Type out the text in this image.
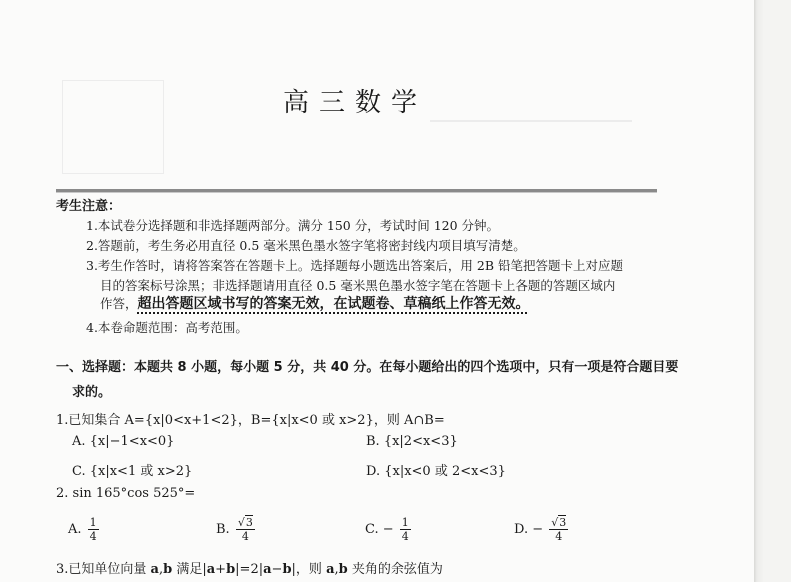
高三数学
考生注意：
1.本试卷分选择题和非选择题两部分。满分 150 分，考试时间 120 分钟。
2.答题前，考生务必用直径 0.5 毫米黑色墨水签字笔将密封线内项目填写清楚。
3.考生作答时，请将答案答在答题卡上。选择题每小题选出答案后，用 2B 铅笔把答题卡上对应题
目的答案标号涂黑；非选择题请用直径 0.5 毫米黑色墨水签字笔在答题卡上各题的答题区域内
作答，超出答题区域书写的答案无效，在试题卷、草稿纸上作答无效。
4.本卷命题范围：高考范围。
一、选择题：本题共 8 小题，每小题 5 分，共 40 分。在每小题给出的四个选项中，只有一项是符合题目要
求的。
1.已知集合 A={x|0<x+1<2}，B={x|x<0 或 x>2}，则 A∩B=
A. {x|−1<x<0}	B. {x|2<x<3}
C. {x|x<1 或 x>2}	D. {x|x<0 或 2<x<3}
2. sin 165°cos 525°=
A. $\frac{1}{4}$	B. $\frac{√3}{4}$	C. − $\frac{1}{4}$	D. − $\frac{√3}{4}$
3.已知单位向量 a,b 满足|a+b|=2|a−b|，则 a,b 夹角的余弦值为
